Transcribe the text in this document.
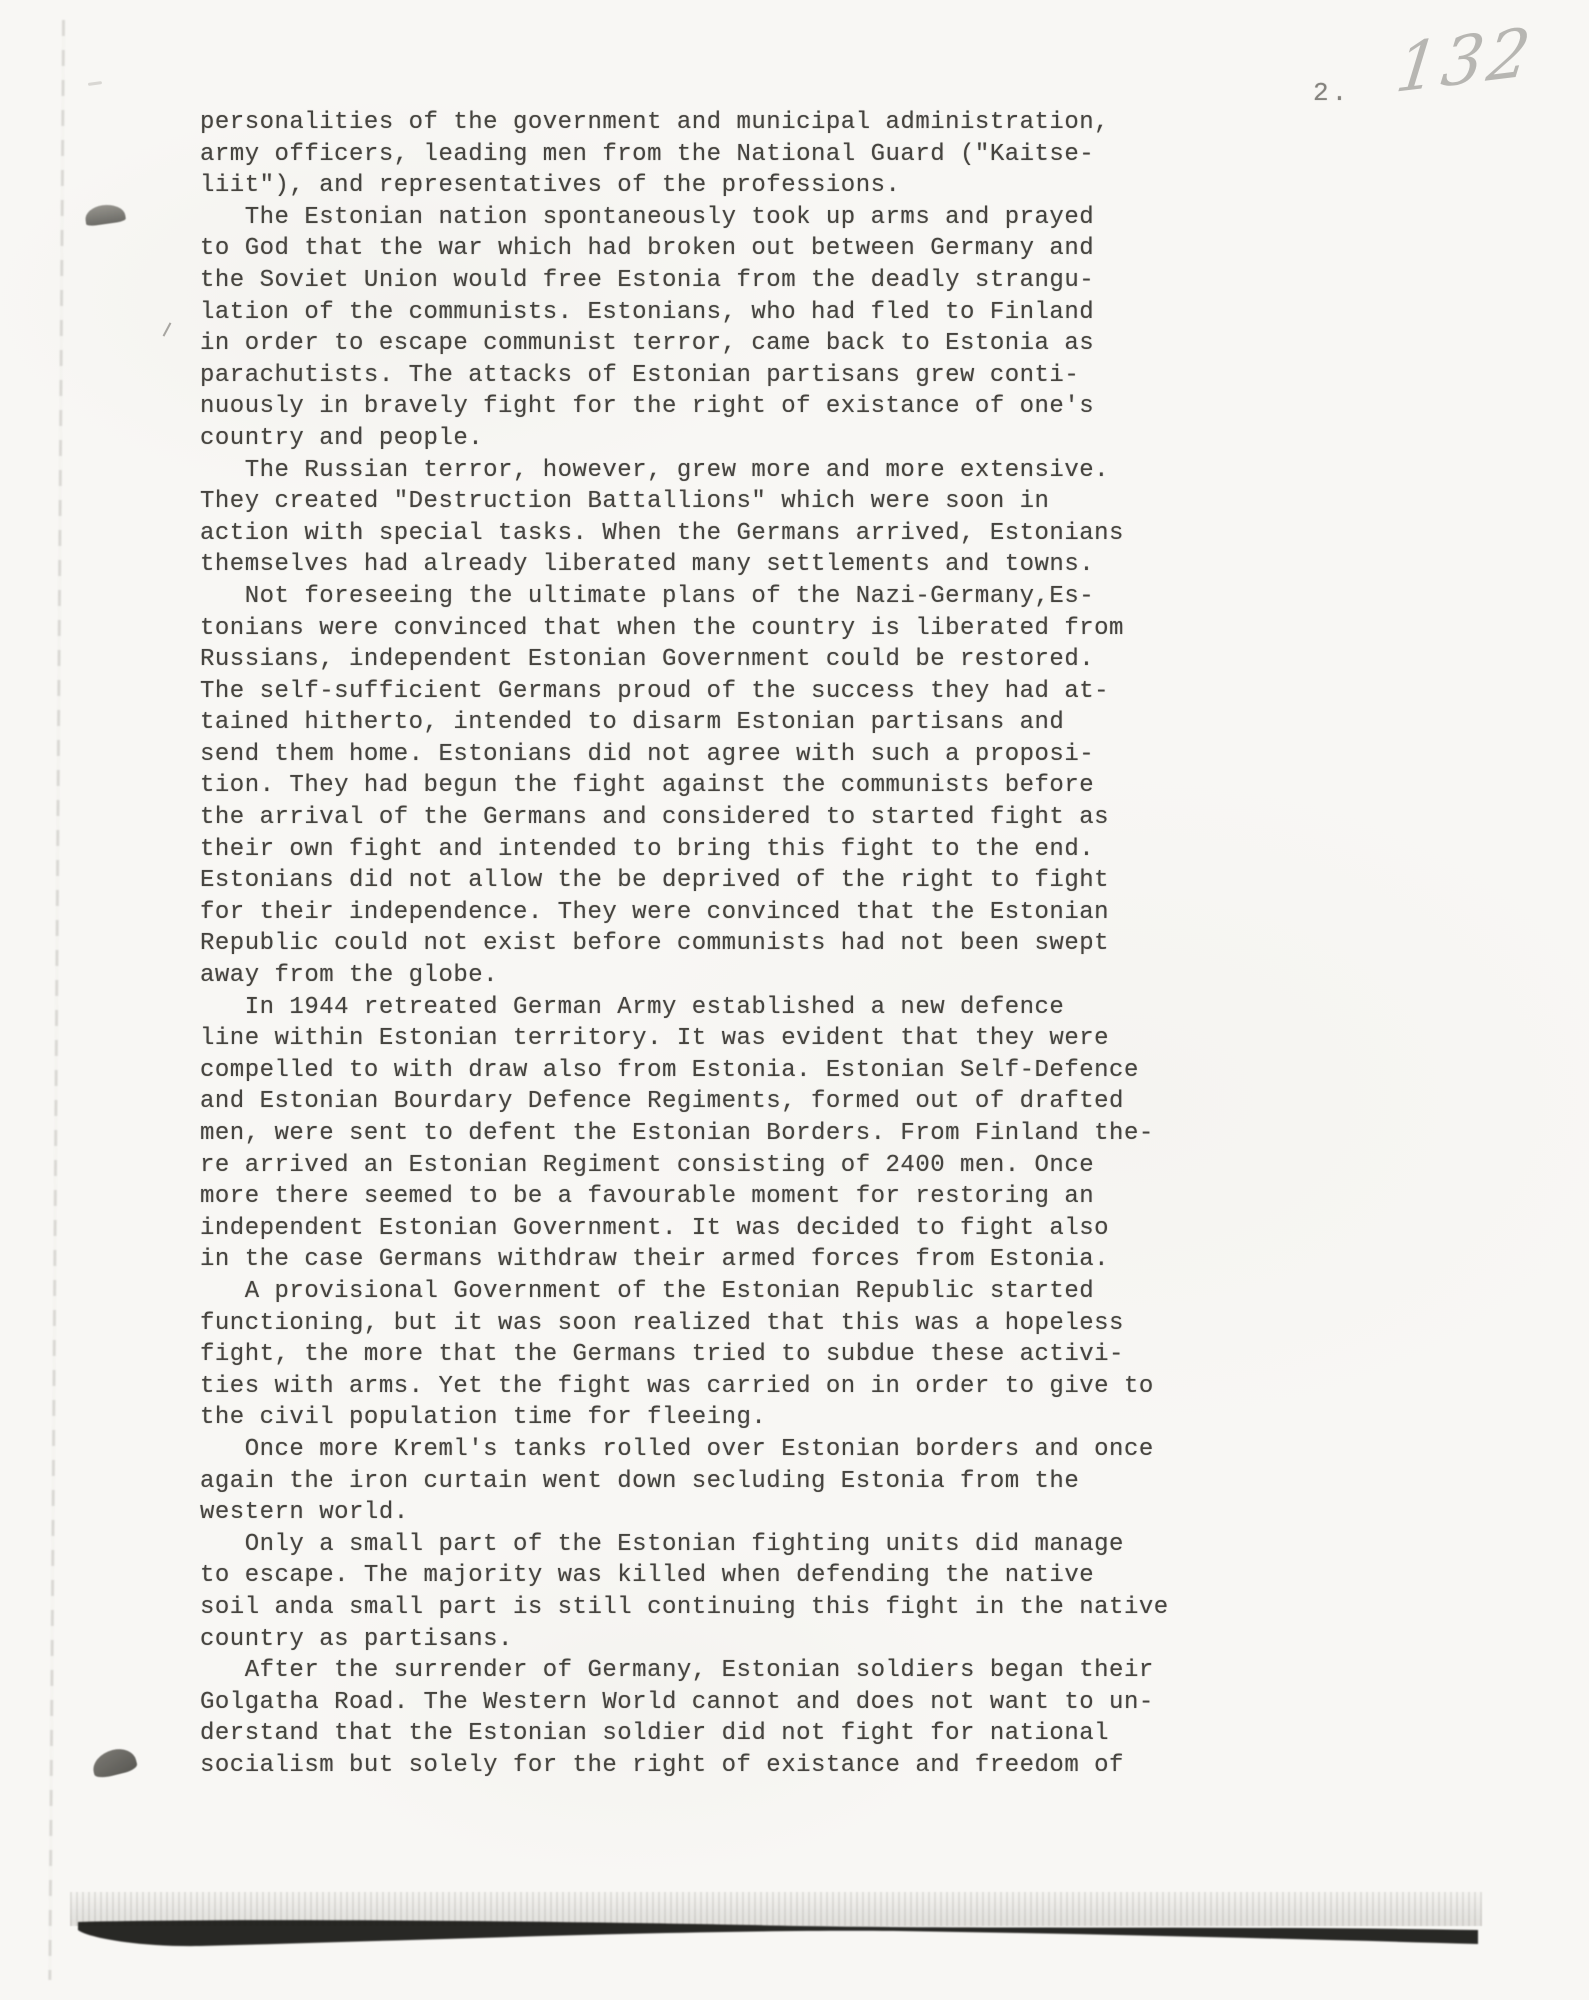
2. 132
personalities of the government and municipal administration,
army officers, leading men from the National Guard ("Kaitse-
liit"), and representatives of the professions.
The Estonian nation spontaneously took up arms and prayed
to God that the war which had broken out between Germany and
the Soviet Union would free Estonia from the deadly strangu-
lation of the communists. Estonians, who had fled to Finland
in order to escape communist terror, came back to Estonia as
parachutists. The attacks of Estonian partisans grew conti-
nuously in bravely fight for the right of existance of one's
country and people.
The Russian terror, however, grew more and more extensive.
They created "Destruction Battallions" which were soon in
action with special tasks. When the Germans arrived, Estonians
themselves had already liberated many settlements and towns.
Not foreseeing the ultimate plans of the Nazi-Germany,Es-
tonians were convinced that when the country is liberated from
Russians, independent Estonian Government could be restored.
The self-sufficient Germans proud of the success they had at-
tained hitherto, intended to disarm Estonian partisans and
send them home. Estonians did not agree with such a proposi-
tion. They had begun the fight against the communists before
the arrival of the Germans and considered to started fight as
their own fight and intended to bring this fight to the end.
Estonians did not allow the be deprived of the right to fight
for their independence. They were convinced that the Estonian
Republic could not exist before communists had not been swept
away from the globe.
In 1944 retreated German Army established a new defence
line within Estonian territory. It was evident that they were
compelled to with draw also from Estonia. Estonian Self-Defence
and Estonian Bourdary Defence Regiments, formed out of drafted
men, were sent to defent the Estonian Borders. From Finland the-
re arrived an Estonian Regiment consisting of 2400 men. Once
more there seemed to be a favourable moment for restoring an
independent Estonian Government. It was decided to fight also
in the case Germans withdraw their armed forces from Estonia.
A provisional Government of the Estonian Republic started
functioning, but it was soon realized that this was a hopeless
fight, the more that the Germans tried to subdue these activi-
ties with arms. Yet the fight was carried on in order to give to
the civil population time for fleeing.
Once more Kreml's tanks rolled over Estonian borders and once
again the iron curtain went down secluding Estonia from the
western world.
Only a small part of the Estonian fighting units did manage
to escape. The majority was killed when defending the native
soil anda small part is still continuing this fight in the native
country as partisans.
After the surrender of Germany, Estonian soldiers began their
Golgatha Road. The Western World cannot and does not want to un-
derstand that the Estonian soldier did not fight for national
socialism but solely for the right of existance and freedom of
